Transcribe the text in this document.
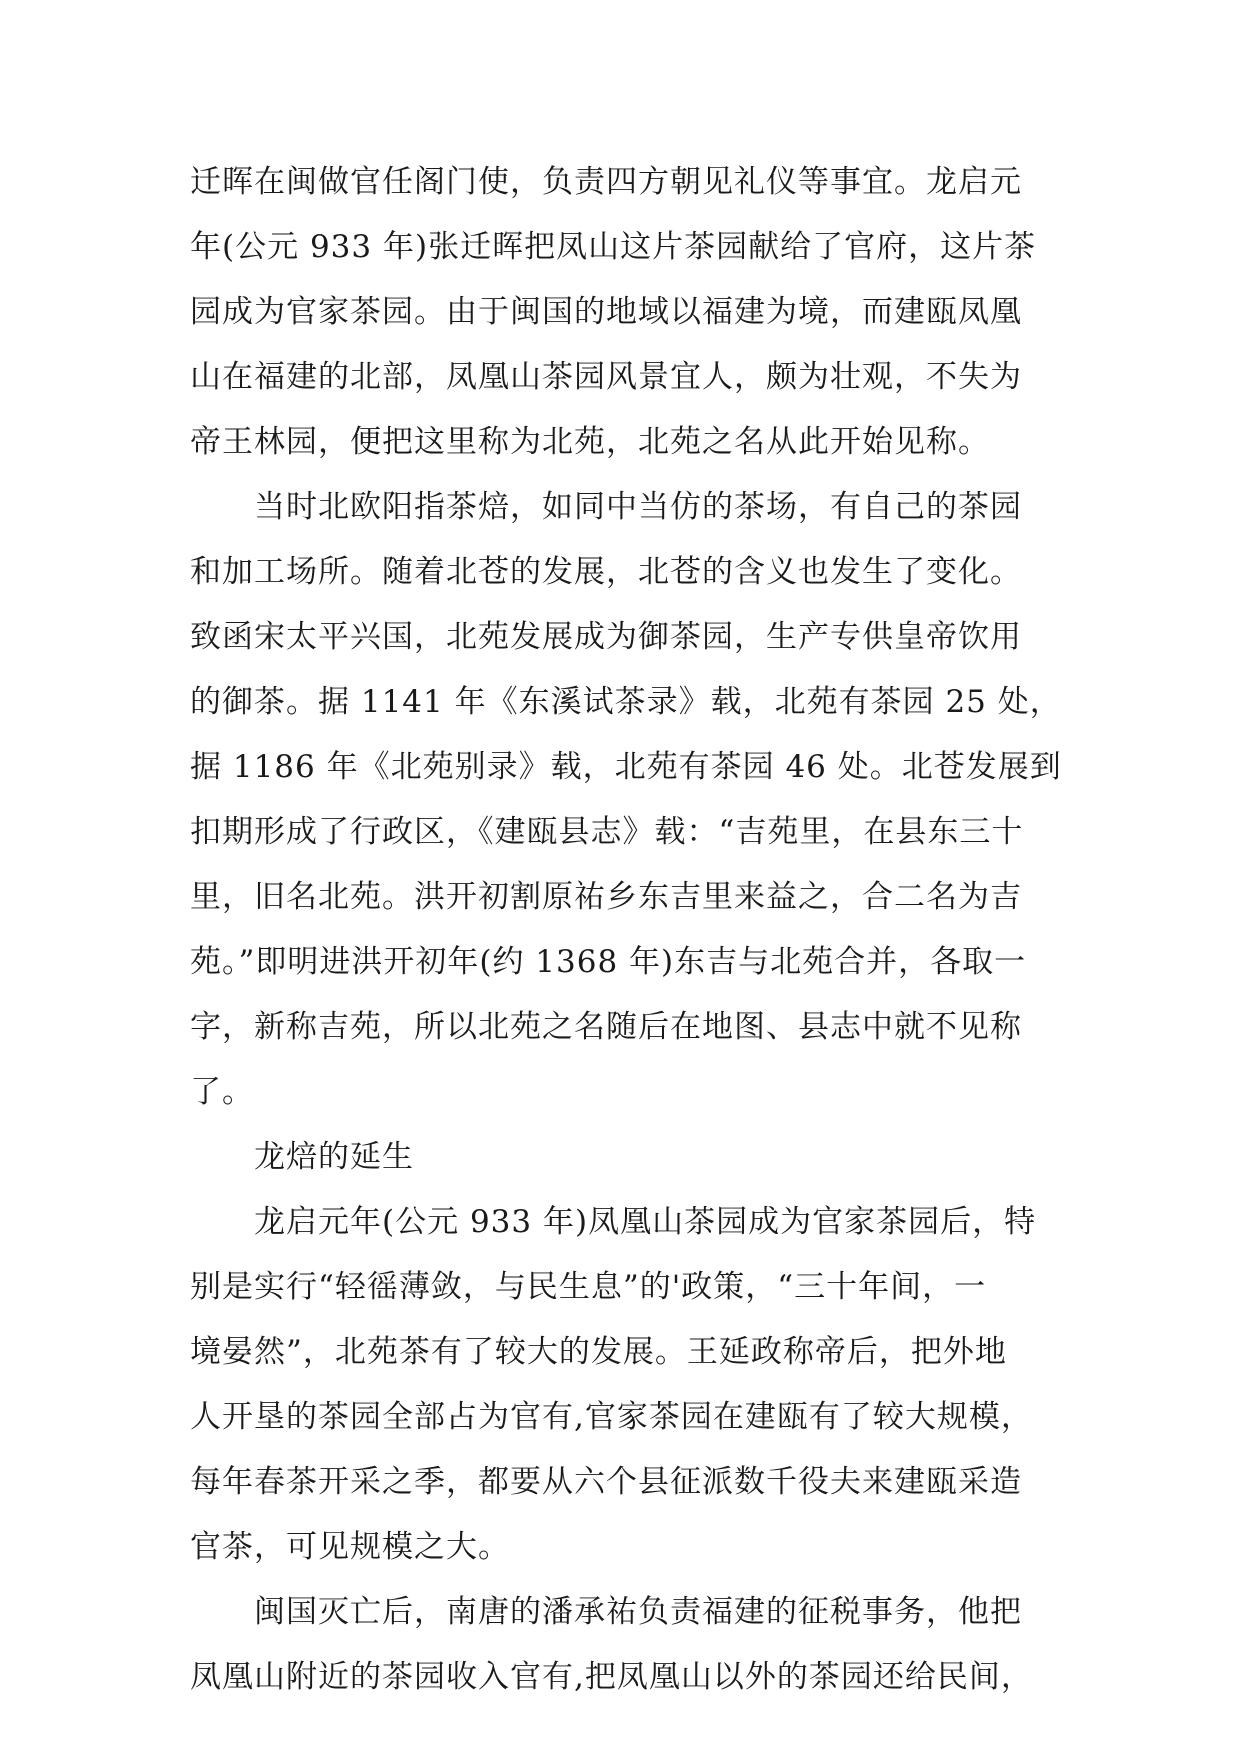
迁晖在闽做官任阁门使，负责四方朝见礼仪等事宜。龙启元
年(公元 933 年)张迁晖把凤山这片茶园献给了官府，这片茶
园成为官家茶园。由于闽国的地域以福建为境，而建瓯凤凰
山在福建的北部，凤凰山茶园风景宜人，颇为壮观，不失为
帝王林园，便把这里称为北苑，北苑之名从此开始见称。
当时北欧阳指茶焙，如同中当仿的茶场，有自己的茶园
和加工场所。随着北苍的发展，北苍的含义也发生了变化。
致函宋太平兴国，北苑发展成为御茶园，生产专供皇帝饮用
的御茶。据 1141 年《东溪试茶录》载，北苑有茶园 25 处，
据 1186 年《北苑别录》载，北苑有茶园 46 处。北苍发展到
扣期形成了行政区，《建瓯县志》载：“吉苑里，在县东三十
里，旧名北苑。洪开初割原祐乡东吉里来益之，合二名为吉
苑。”即明进洪开初年(约 1368 年)东吉与北苑合并，各取一
字，新称吉苑，所以北苑之名随后在地图、县志中就不见称
了。
龙焙的延生
龙启元年(公元 933 年)凤凰山茶园成为官家茶园后，特
别是实行“轻徭薄敛，与民生息”的'政策，“三十年间，一
境晏然”，北苑茶有了较大的发展。王延政称帝后，把外地
人开垦的茶园全部占为官有,官家茶园在建瓯有了较大规模，
每年春茶开采之季，都要从六个县征派数千役夫来建瓯采造
官茶，可见规模之大。
闽国灭亡后，南唐的潘承祐负责福建的征税事务，他把
凤凰山附近的茶园收入官有,把凤凰山以外的茶园还给民间，
